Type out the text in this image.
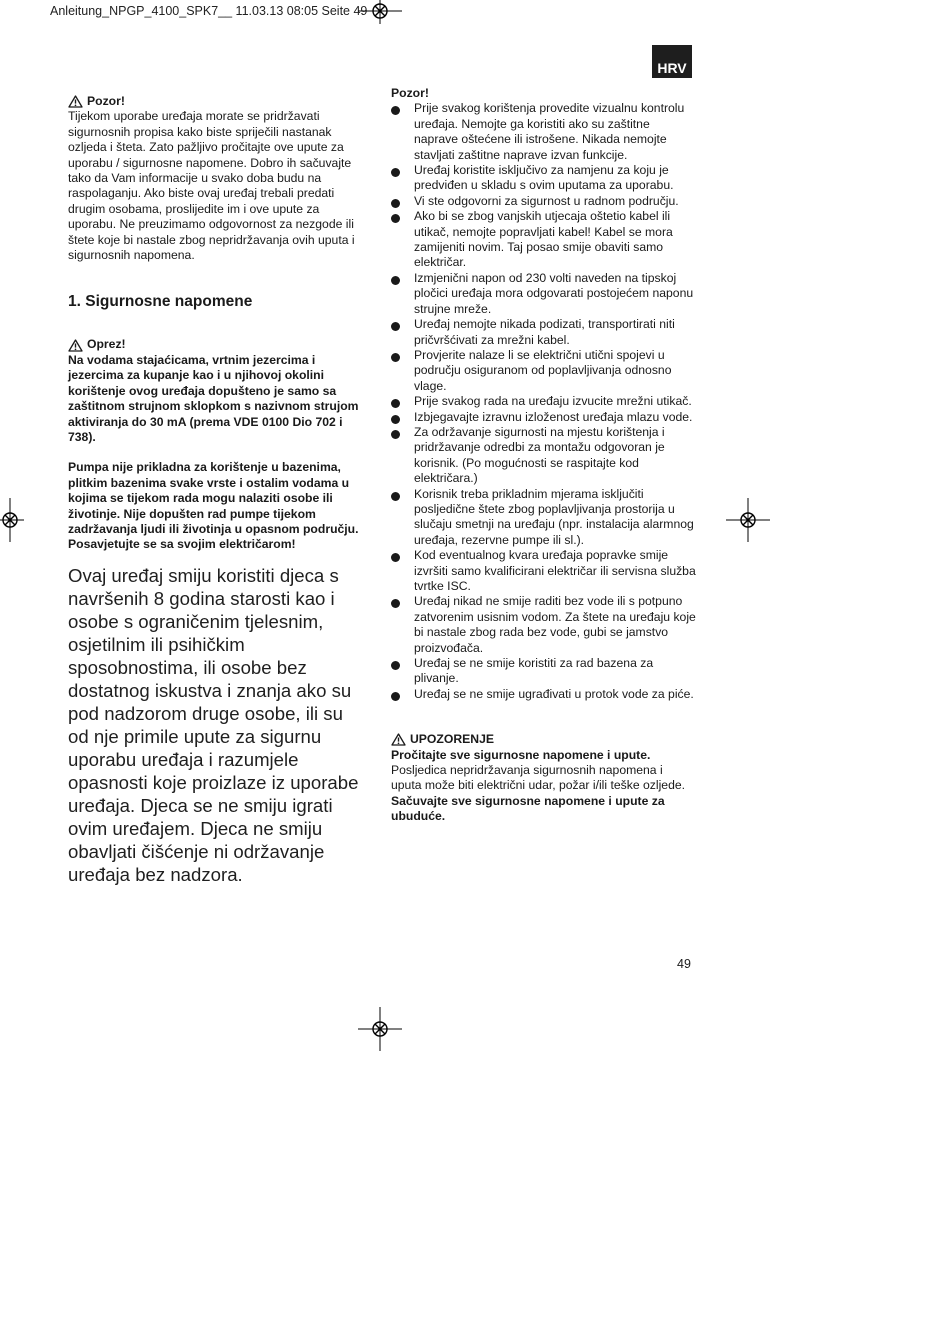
Anleitung_NPGP_4100_SPK7__ 11.03.13 08:05 Seite 49
HRV
Pozor!

Tijekom uporabe uređaja morate se pridržavati sigurnosnih propisa kako biste spriječili nastanak ozljeda i šteta. Zato pažljivo pročitajte ove upute za uporabu / sigurnosne napomene. Dobro ih sačuvajte tako da Vam informacije u svako doba budu na raspolaganju. Ako biste ovaj uređaj trebali predati drugim osobama, proslijedite im i ove upute za uporabu. Ne preuzimamo odgovornost za nezgode ili štete koje bi nastale zbog nepridržavanja ovih uputa i sigurnosnih napomena.

1. Sigurnosne napomene
Oprez!

Na vodama stajaćicama, vrtnim jezercima i jezercima za kupanje kao i u njihovoj okolini korištenje ovog uređaja dopušteno je samo sa zaštitnom strujnom sklopkom s nazivnom strujom aktiviranja do 30 mA (prema VDE 0100 Dio 702 i 738).

Pumpa nije prikladna za korištenje u bazenima, plitkim bazenima svake vrste i ostalim vodama u kojima se tijekom rada mogu nalaziti osobe ili životinje. Nije dopušten rad pumpe tijekom zadržavanja ljudi ili životinja u opasnom području. Posavjetujte se sa svojim električarom!

Ovaj uređaj smiju koristiti djeca s navršenih 8 godina starosti kao i osobe s ograničenim tjelesnim, osjetilnim ili psihičkim sposobnostima, ili osobe bez dostatnog iskustva i znanja ako su pod nadzorom druge osobe, ili su od nje primile upute za sigurnu uporabu uređaja i razumjele opasnosti koje proizlaze iz uporabe uređaja. Djeca se ne smiju igrati ovim uređajem. Djeca ne smiju obavljati čišćenje ni održavanje uređaja bez nadzora.

Pozor!

Prije svakog korištenja provedite vizualnu kontrolu uređaja. Nemojte ga koristiti ako su zaštitne naprave oštećene ili istrošene. Nikada nemojte stavljati zaštitne naprave izvan funkcije.
Uređaj koristite isključivo za namjenu za koju je predviđen u skladu s ovim uputama za uporabu.
Vi ste odgovorni za sigurnost u radnom području.
Ako bi se zbog vanjskih utjecaja oštetio kabel ili utikač, nemojte popravljati kabel! Kabel se mora zamijeniti novim. Taj posao smije obaviti samo električar.
Izmjenični napon od 230 volti naveden na tipskoj pločici uređaja mora odgovarati postojećem naponu strujne mreže.
Uređaj nemojte nikada podizati, transportirati niti pričvršćivati za mrežni kabel.
Provjerite nalaze li se električni utični spojevi u području osiguranom od poplavljivanja odnosno vlage.
Prije svakog rada na uređaju izvucite mrežni utikač.
Izbjegavajte izravnu izloženost uređaja mlazu vode.
Za održavanje sigurnosti na mjestu korištenja i pridržavanje odredbi za montažu odgovoran je korisnik. (Po mogućnosti se raspitajte kod električara.)
Korisnik treba prikladnim mjerama isključiti posljedične štete zbog poplavljivanja prostorija u slučaju smetnji na uređaju (npr. instalacija alarmnog uređaja, rezervne pumpe ili sl.).
Kod eventualnog kvara uređaja popravke smije izvršiti samo kvalificirani električar ili servisna služba tvrtke ISC.
Uređaj nikad ne smije raditi bez vode ili s potpuno zatvorenim usisnim vodom. Za štete na uređaju koje bi nastale zbog rada bez vode, gubi se jamstvo proizvođača.
Uređaj se ne smije koristiti za rad bazena za plivanje.
Uređaj se ne smije ugrađivati u protok vode za piće.
UPOZORENJE

Pročitajte sve sigurnosne napomene i upute.

Posljedica nepridržavanja sigurnosnih napomena i uputa može biti električni udar, požar i/ili teške ozljede.

Sačuvajte sve sigurnosne napomene i upute za ubuduće.

49
